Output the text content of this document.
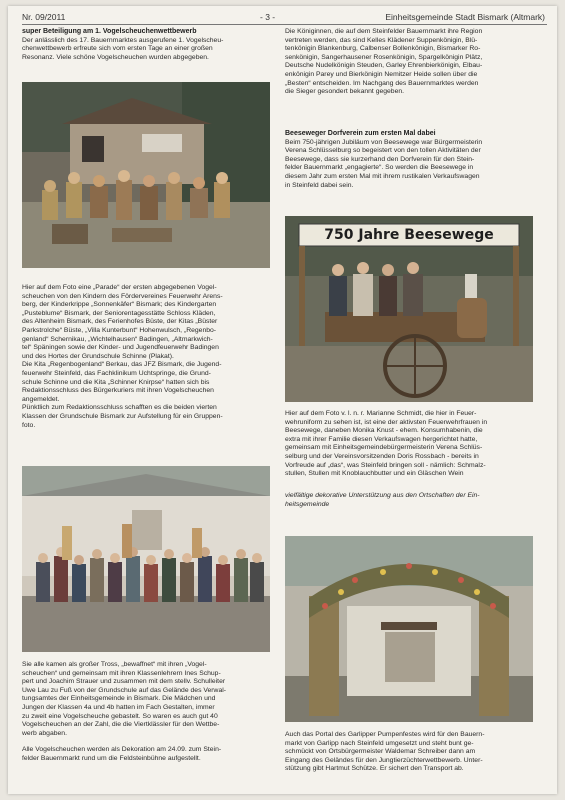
Nr. 09/2011	- 3 -	Einheitsgemeinde Stadt Bismark (Altmark)

super Beteiligung am 1. Vogelscheuchenwettbewerb

Der anlässlich des 17. Bauernmarktes ausgerufene 1. Vogelscheu-
chenwettbewerb erfreute sich vom ersten Tage an einer großen
Resonanz. Viele schöne Vogelscheuchen wurden abgegeben.

Hier auf dem Foto eine „Parade“ der ersten abgegebenen Vogel-
scheuchen von den Kindern des Fördervereines Feuerwehr Arens-
berg, der Kinderkrippe „Sonnenkäfer“ Bismark; des Kindergarten
„Pusteblume“ Bismark, der Seniorentagesstätte Schloss Kläden,
des Altenheim Bismark, des Ferienhofes Büste, der Kitas „Büster
Parkstrolche“ Büste, „Villa Kunterbunt“ Hohenwulsch, „Regenbo-
genland“ Schernikau, „Wichtelhausen“ Badingen, „Altmarkwich-
tel“ Späningen sowie der Kinder- und Jugendfeuerwehr Badingen
und des Hortes der Grundschule Schinne (Plakat).
Die Kita „Regenbogenland“ Berkau, das JFZ Bismark, die Jugend-
feuerwehr Steinfeld, das Fachklinikum Uchtspringe, die Grund-
schule Schinne und die Kita „Schinner Knirpse“ hatten sich bis
Redaktionsschluss des Bürgerkuriers mit ihren Vogelscheuchen
angemeldet.
Pünktlich zum Redaktionsschluss schafften es die beiden vierten
Klassen der Grundschule Bismark zur Aufstellung für ein Gruppen-
foto.

Sie alle kamen als großer Tross, „bewaffnet“ mit ihren „Vogel-
scheuchen“ und gemeinsam mit ihren Klassenlehrern Ines Schup-
pert und Joachim Strauer und zusammen mit dem stellv. Schulleiter
Uwe Lau zu Fuß von der Grundschule auf das Gelände des Verwal-
tungsamtes der Einheitsgemeinde in Bismark. Die Mädchen und
Jungen der Klassen 4a und 4b hatten im Fach Gestalten, immer
zu zweit eine Vogelscheuche gebastelt. So waren es auch gut 40
Vogelscheuchen an der Zahl, die die Viertklässler für den Wettbe-
werb abgaben.

Alle Vogelscheuchen werden als Dekoration am 24.09. zum Stein-
felder Bauernmarkt rund um die Feldsteinbühne aufgestellt.

Die Königinnen, die auf dem Steinfelder Bauernmarkt ihre Region
vertreten werden, das sind Kelles Klädener Suppenkönigin, Blü-
tenkönigin Blankenburg, Calbenser Bollenkönigin, Bismarker Ro-
senkönigin, Sangerhausener Rosenkönigin, Spargelkönigin Plätz,
Deutsche Nudelkönigin Steuden, Garley Ehrenbierkönigin, Elbau-
enkönigin Parey und Bierkönigin Nemitzer Heide sollen über die
„Besten“ entscheiden. Im Nachgang des Bauernmarktes werden
die Sieger gesondert bekannt gegeben.

Beeseweger Dorfverein zum ersten Mal dabei

Beim 750-jährigen Jubiläum von Beesewege war Bürgermeisterin
Verena Schlüsselburg so begeistert von den tollen Aktivitäten der
Beesewege, dass sie kurzerhand den Dorfverein für den Stein-
felder Bauernmarkt „engagierte“. So werden die Beesewege in
diesem Jahr zum ersten Mal mit ihrem rustikalen Verkaufswagen
in Steinfeld dabei sein.

750 Jahre Beesewege

Hier auf dem Foto v. l. n. r. Marianne Schmidt, die hier in Feuer-
wehruniform zu sehen ist, ist eine der aktivsten Feuerwehrfrauen in
Beesewege, daneben Monika Knust - ehem. Konsumhabenin, die
extra mit ihrer Familie diesen Verkaufswagen hergerichtet hatte,
gemeinsam mit Einheitsgemeindebürgermeisterin Verena Schlüs-
selburg und der Vereinsvorsitzenden Doris Rossbach - bereits in
Vorfreude auf „das“, was Steinfeld bringen soll - nämlich: Schmalz-
stullen, Stullen mit Knoblauchbutter und ein Gläschen Wein

vielfältige dekorative Unterstützung aus den Ortschaften der Ein-
heitsgemeinde

Auch das Portal des Garlipper Pumpenfestes wird für den Bauern-
markt von Garlipp nach Steinfeld umgesetzt und steht bunt ge-
schmückt von Ortsbürgermeister Waldemar Schreiber dann am
Eingang des Geländes für den Jungtierzüchterwettbewerb. Unter-
stützung gibt Hartmut Schütze. Er sichert den Transport ab.
